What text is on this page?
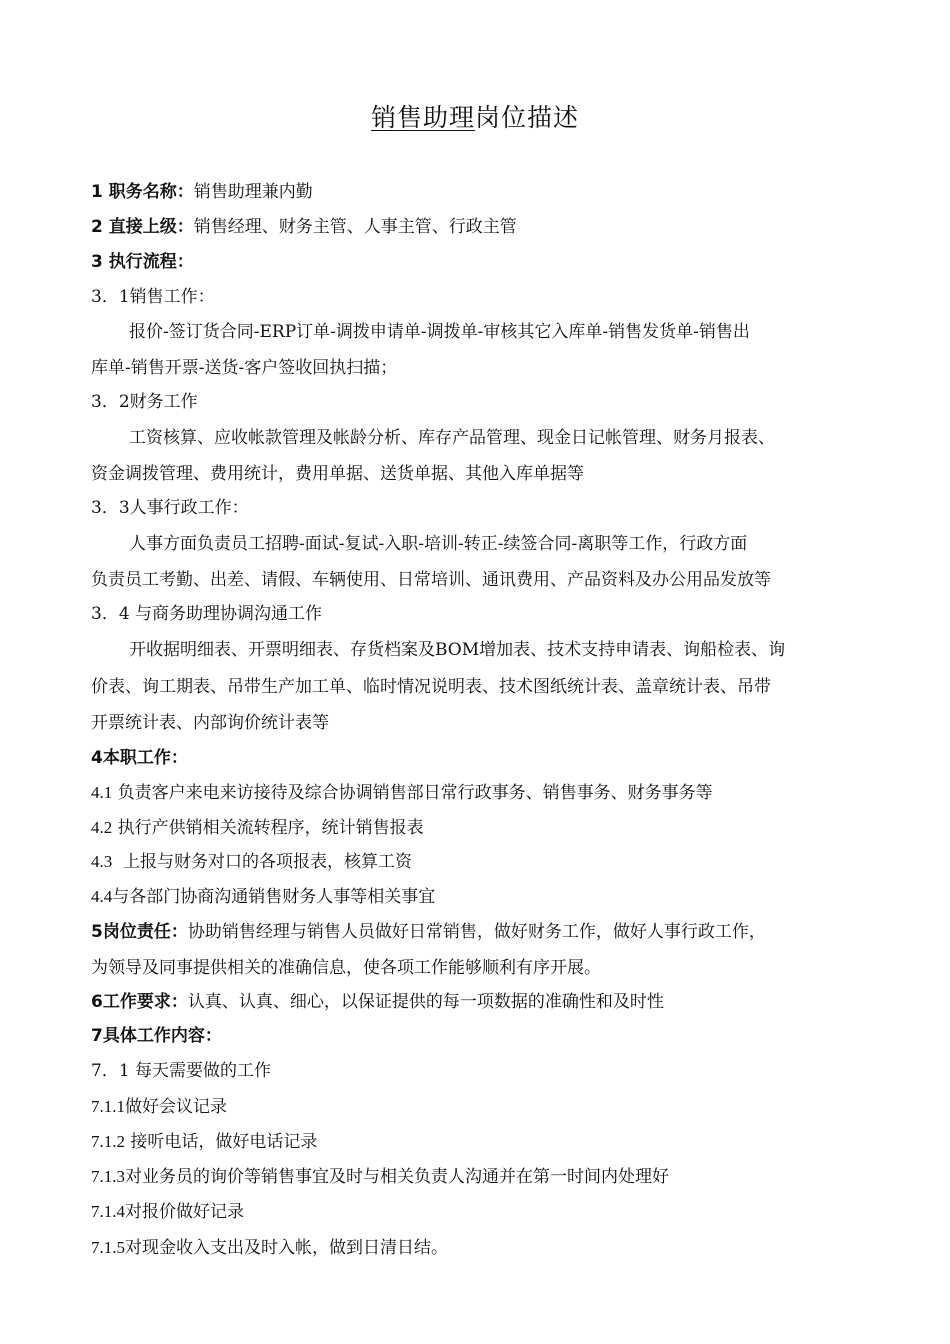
销售助理岗位描述
1 职务名称：销售助理兼内勤
2 直接上级：销售经理、财务主管、人事主管、行政主管
3 执行流程：
3．1销售工作：
报价-签订货合同-ERP订单-调拨申请单-调拨单-审核其它入库单-销售发货单-销售出
库单-销售开票-送货-客户签收回执扫描；
3．2财务工作
工资核算、应收帐款管理及帐龄分析、库存产品管理、现金日记帐管理、财务月报表、
资金调拨管理、费用统计，费用单据、送货单据、其他入库单据等
3．3人事行政工作：
人事方面负责员工招聘-面试-复试-入职-培训-转正-续签合同-离职等工作，行政方面
负责员工考勤、出差、请假、车辆使用、日常培训、通讯费用、产品资料及办公用品发放等
3．4 与商务助理协调沟通工作
开收据明细表、开票明细表、存货档案及BOM增加表、技术支持申请表、询船检表、询
价表、询工期表、吊带生产加工单、临时情况说明表、技术图纸统计表、盖章统计表、吊带
开票统计表、内部询价统计表等
4本职工作：
4.1 负责客户来电来访接待及综合协调销售部日常行政事务、销售事务、财务事务等
4.2 执行产供销相关流转程序，统计销售报表
4.3  上报与财务对口的各项报表，核算工资
4.4与各部门协商沟通销售财务人事等相关事宜
5岗位责任：协助销售经理与销售人员做好日常销售，做好财务工作，做好人事行政工作，
为领导及同事提供相关的准确信息，使各项工作能够顺利有序开展。
6工作要求：认真、认真、细心，以保证提供的每一项数据的准确性和及时性
7具体工作内容：
7．1 每天需要做的工作
7.1.1做好会议记录
7.1.2 接听电话，做好电话记录
7.1.3对业务员的询价等销售事宜及时与相关负责人沟通并在第一时间内处理好
7.1.4对报价做好记录
7.1.5对现金收入支出及时入帐，做到日清日结。
